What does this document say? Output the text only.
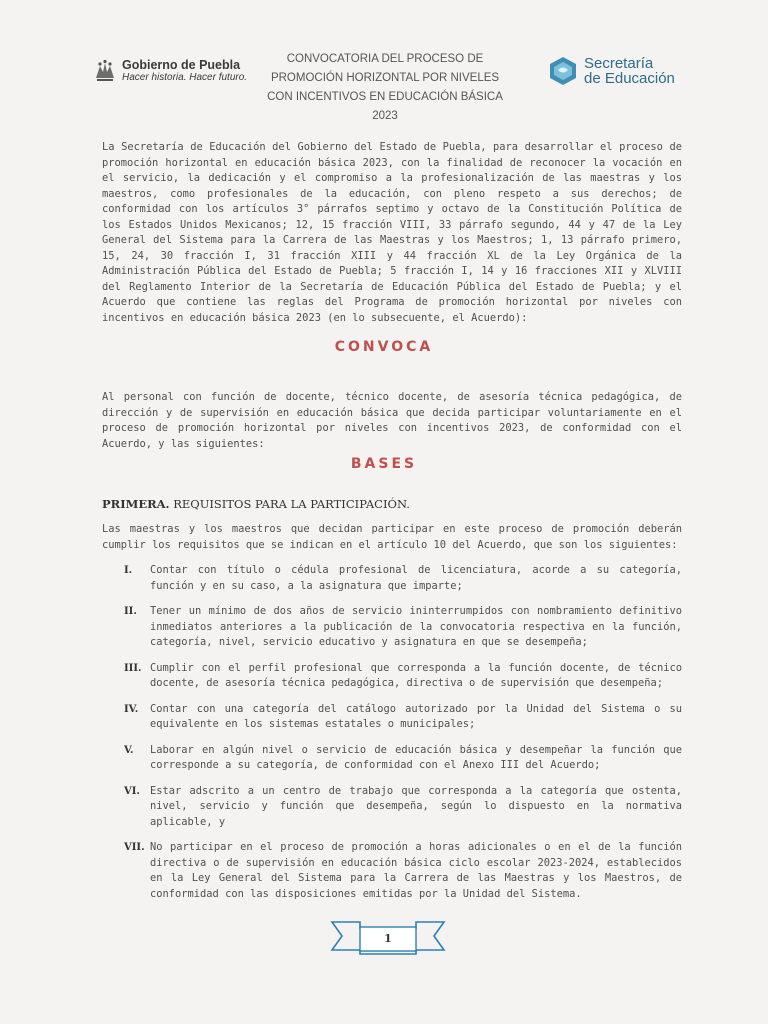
Gobierno de Puebla
Hacer historia. Hacer futuro.
CONVOCATORIA DEL PROCESO DE
PROMOCIÓN HORIZONTAL POR NIVELES
CON INCENTIVOS EN EDUCACIÓN BÁSICA 2023
Secretaría
de Educación
La Secretaría de Educación del Gobierno del Estado de Puebla, para desarrollar el proceso de promoción horizontal en educación básica 2023, con la finalidad de reconocer la vocación en el servicio, la dedicación y el compromiso a la profesionalización de las maestras y los maestros, como profesionales de la educación, con pleno respeto a sus derechos; de conformidad con los artículos 3° párrafos septimo y octavo de la Constitución Política de los Estados Unidos Mexicanos; 12, 15 fracción VIII, 33 párrafo segundo, 44 y 47 de la Ley General del Sistema para la Carrera de las Maestras y los Maestros; 1, 13 párrafo primero, 15, 24, 30 fracción I, 31 fracción XIII y 44 fracción XL de la Ley Orgánica de la Administración Pública del Estado de Puebla; 5 fracción I, 14 y 16 fracciones XII y XLVIII del Reglamento Interior de la Secretaría de Educación Pública del Estado de Puebla; y el Acuerdo que contiene las reglas del Programa de promoción horizontal por niveles con incentivos en educación básica 2023 (en lo subsecuente, el Acuerdo):
CONVOCA
Al personal con función de docente, técnico docente, de asesoría técnica pedagógica, de dirección y de supervisión en educación básica que decida participar voluntariamente en el proceso de promoción horizontal por niveles con incentivos 2023, de conformidad con el Acuerdo, y las siguientes:
BASES
PRIMERA. REQUISITOS PARA LA PARTICIPACIÓN.
Las maestras y los maestros que decidan participar en este proceso de promoción deberán cumplir los requisitos que se indican en el artículo 10 del Acuerdo, que son los siguientes:
I. Contar con título o cédula profesional de licenciatura, acorde a su categoría, función y en su caso, a la asignatura que imparte;
II. Tener un mínimo de dos años de servicio ininterrumpidos con nombramiento definitivo inmediatos anteriores a la publicación de la convocatoria respectiva en la función, categoría, nivel, servicio educativo y asignatura en que se desempeña;
III. Cumplir con el perfil profesional que corresponda a la función docente, de técnico docente, de asesoría técnica pedagógica, directiva o de supervisión que desempeña;
IV. Contar con una categoría del catálogo autorizado por la Unidad del Sistema o su equivalente en los sistemas estatales o municipales;
V. Laborar en algún nivel o servicio de educación básica y desempeñar la función que corresponde a su categoría, de conformidad con el Anexo III del Acuerdo;
VI. Estar adscrito a un centro de trabajo que corresponda a la categoría que ostenta, nivel, servicio y función que desempeña, según lo dispuesto en la normativa aplicable, y
VII. No participar en el proceso de promoción a horas adicionales o en el de la función directiva o de supervisión en educación básica ciclo escolar 2023-2024, establecidos en la Ley General del Sistema para la Carrera de las Maestras y los Maestros, de conformidad con las disposiciones emitidas por la Unidad del Sistema.
1
